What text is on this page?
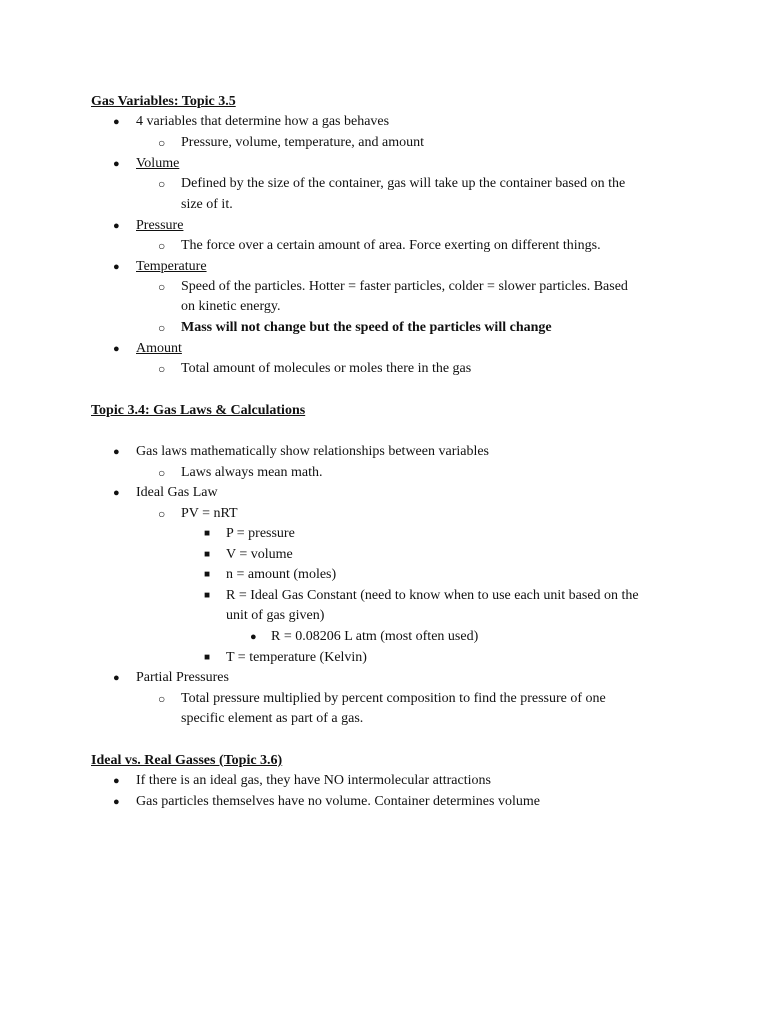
Gas Variables: Topic 3.5
● 4 variables that determine how a gas behaves
○ Pressure, volume, temperature, and amount
● Volume
○ Defined by the size of the container, gas will take up the container based on the
size of it.
● Pressure
○ The force over a certain amount of area. Force exerting on different things.
● Temperature
○ Speed of the particles. Hotter = faster particles, colder = slower particles. Based
on kinetic energy.
○ Mass will not change but the speed of the particles will change
● Amount
○ Total amount of molecules or moles there in the gas
Topic 3.4: Gas Laws & Calculations
● Gas laws mathematically show relationships between variables
○ Laws always mean math.
● Ideal Gas Law
○ PV = nRT
■ P = pressure
■ V = volume
■ n = amount (moles)
■ R = Ideal Gas Constant (need to know when to use each unit based on the
unit of gas given)
● R = 0.08206 L atm (most often used)
■ T = temperature (Kelvin)
● Partial Pressures
○ Total pressure multiplied by percent composition to find the pressure of one
specific element as part of a gas.
Ideal vs. Real Gasses (Topic 3.6)
● If there is an ideal gas, they have NO intermolecular attractions
● Gas particles themselves have no volume. Container determines volume
